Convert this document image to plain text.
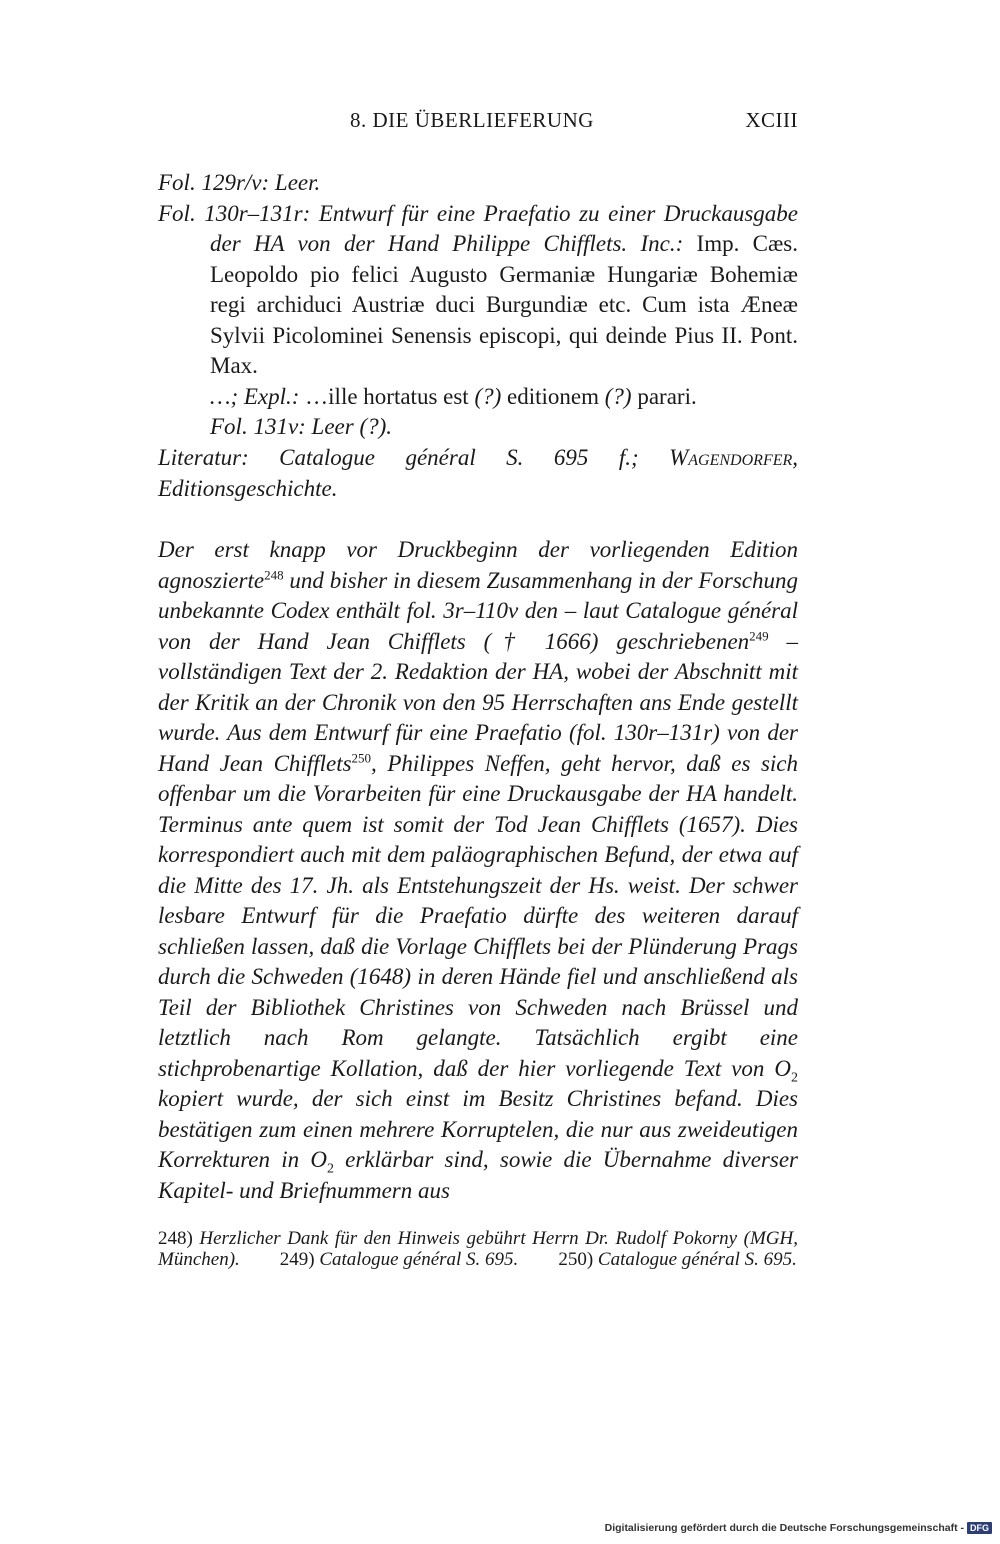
8. DIE ÜBERLIEFERUNG	XCIII
Fol. 129r/v: Leer.
Fol. 130r–131r: Entwurf für eine Praefatio zu einer Druckausgabe der HA von der Hand Philippe Chifflets. Inc.: Imp. Cæs. Leopoldo pio felici Augusto Germaniæ Hungariæ Bohemiæ regi archiduci Austriæ duci Burgundiæ etc. Cum ista Æneæ Sylvii Picolominei Senensis episcopi, qui deinde Pius II. Pont. Max.
…; Expl.: …ille hortatus est (?) editionem (?) parari.
Fol. 131v: Leer (?).
Literatur: Catalogue général S. 695 f.; Wagendorfer, Editionsgeschichte.
Der erst knapp vor Druckbeginn der vorliegenden Edition agnoszierte$^{248}$ und bisher in diesem Zusammenhang in der Forschung unbekannte Codex enthält fol. 3r–110v den – laut Catalogue général von der Hand Jean Chifflets († 1666) geschriebenen$^{249}$ – vollständigen Text der 2. Redaktion der HA, wobei der Abschnitt mit der Kritik an der Chronik von den 95 Herrschaften ans Ende gestellt wurde. Aus dem Entwurf für eine Praefatio (fol. 130r–131r) von der Hand Jean Chifflets$^{250}$, Philippes Neffen, geht hervor, daß es sich offenbar um die Vorarbeiten für eine Druckausgabe der HA handelt. Terminus ante quem ist somit der Tod Jean Chifflets (1657). Dies korrespondiert auch mit dem paläographischen Befund, der etwa auf die Mitte des 17. Jh. als Entstehungszeit der Hs. weist. Der schwer lesbare Entwurf für die Praefatio dürfte des weiteren darauf schließen lassen, daß die Vorlage Chifflets bei der Plünderung Prags durch die Schweden (1648) in deren Hände fiel und anschließend als Teil der Bibliothek Christines von Schweden nach Brüssel und letztlich nach Rom gelangte. Tatsächlich ergibt eine stichprobenartige Kollation, daß der hier vorliegende Text von $O_2$ kopiert wurde, der sich einst im Besitz Christines befand. Dies bestätigen zum einen mehrere Korruptelen, die nur aus zweideutigen Korrekturen in $O_2$ erklärbar sind, sowie die Übernahme diverser Kapitel- und Briefnummern aus
248) Herzlicher Dank für den Hinweis gebührt Herrn Dr. Rudolf Pokorny (MGH, München). 249) Catalogue général S. 695. 250) Catalogue général S. 695.
Digitalisierung gefördert durch die Deutsche Forschungsgemeinschaft - DFG
